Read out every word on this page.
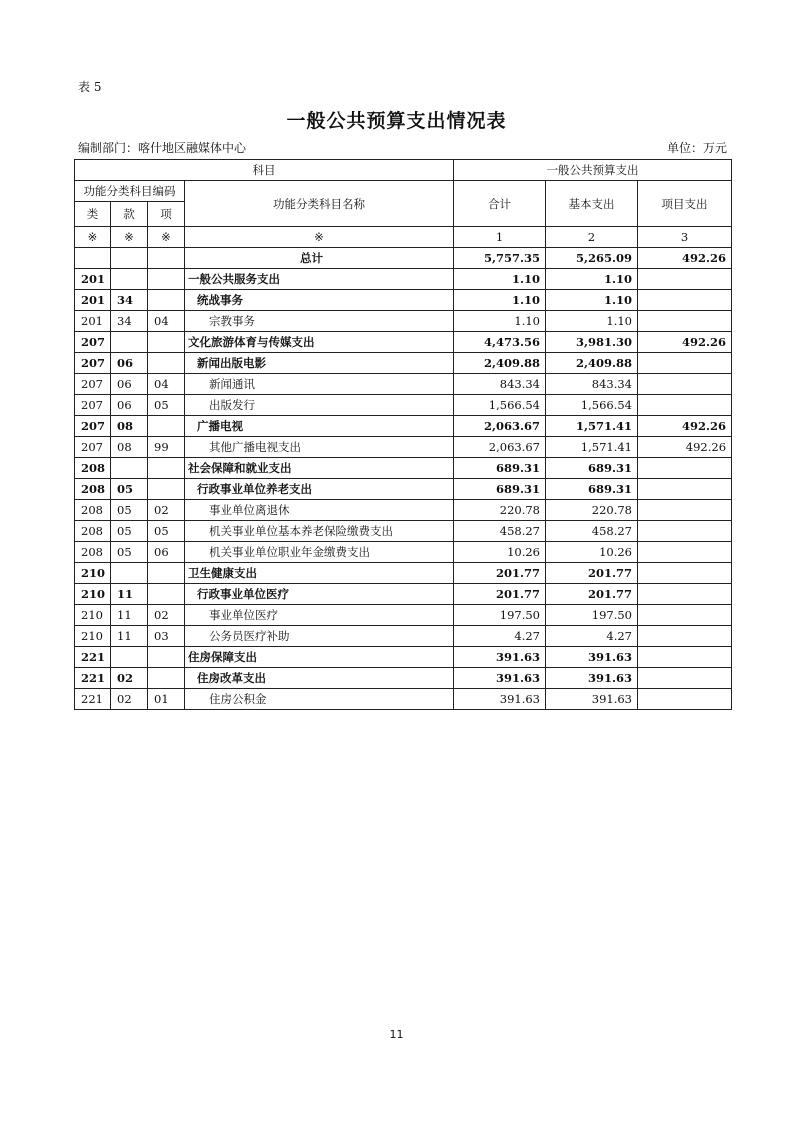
表 5
一般公共预算支出情况表
编制部门：喀什地区融媒体中心	单位：万元
科目				一般公共预算支出		
功能分类科目编码			功能分类科目名称	合计	基本支出	项目支出
类	款	项				
※	※	※	※	1	2	3
			总计	5,757.35	5,265.09	492.26
201			一般公共服务支出	1.10	1.10	
201	34		统战事务	1.10	1.10	
201	34	04	宗教事务	1.10	1.10	
207			文化旅游体育与传媒支出	4,473.56	3,981.30	492.26
207	06		新闻出版电影	2,409.88	2,409.88	
207	06	04	新闻通讯	843.34	843.34	
207	06	05	出版发行	1,566.54	1,566.54	
207	08		广播电视	2,063.67	1,571.41	492.26
207	08	99	其他广播电视支出	2,063.67	1,571.41	492.26
208			社会保障和就业支出	689.31	689.31	
208	05		行政事业单位养老支出	689.31	689.31	
208	05	02	事业单位离退休	220.78	220.78	
208	05	05	机关事业单位基本养老保险缴费支出	458.27	458.27	
208	05	06	机关事业单位职业年金缴费支出	10.26	10.26	
210			卫生健康支出	201.77	201.77	
210	11		行政事业单位医疗	201.77	201.77	
210	11	02	事业单位医疗	197.50	197.50	
210	11	03	公务员医疗补助	4.27	4.27	
221			住房保障支出	391.63	391.63	
221	02		住房改革支出	391.63	391.63	
221	02	01	住房公积金	391.63	391.63	
11
